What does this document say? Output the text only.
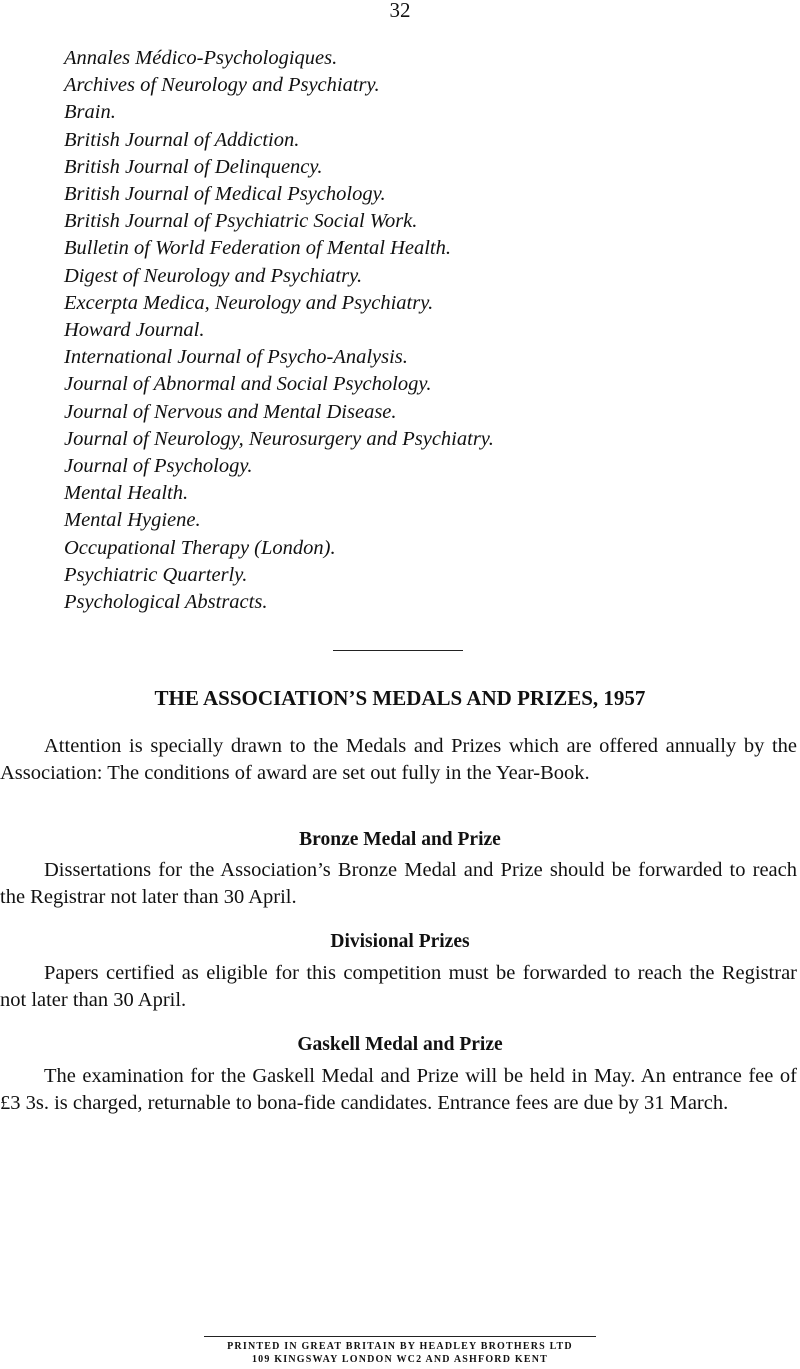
32
Annales Médico-Psychologiques.
Archives of Neurology and Psychiatry.
Brain.
British Journal of Addiction.
British Journal of Delinquency.
British Journal of Medical Psychology.
British Journal of Psychiatric Social Work.
Bulletin of World Federation of Mental Health.
Digest of Neurology and Psychiatry.
Excerpta Medica, Neurology and Psychiatry.
Howard Journal.
International Journal of Psycho-Analysis.
Journal of Abnormal and Social Psychology.
Journal of Nervous and Mental Disease.
Journal of Neurology, Neurosurgery and Psychiatry.
Journal of Psychology.
Mental Health.
Mental Hygiene.
Occupational Therapy (London).
Psychiatric Quarterly.
Psychological Abstracts.
THE ASSOCIATION’S MEDALS AND PRIZES, 1957

Attention is specially drawn to the Medals and Prizes which are offered annually by the Association: The conditions of award are set out fully in the Year-Book.

Bronze Medal and Prize

Dissertations for the Association’s Bronze Medal and Prize should be forwarded to reach the Registrar not later than 30 April.

Divisional Prizes

Papers certified as eligible for this competition must be forwarded to reach the Registrar not later than 30 April.

Gaskell Medal and Prize

The examination for the Gaskell Medal and Prize will be held in May. An entrance fee of £3 3s. is charged, returnable to bona-fide candidates. Entrance fees are due by 31 March.

PRINTED IN GREAT BRITAIN BY HEADLEY BROTHERS LTD
109 KINGSWAY LONDON WC2 AND ASHFORD KENT
